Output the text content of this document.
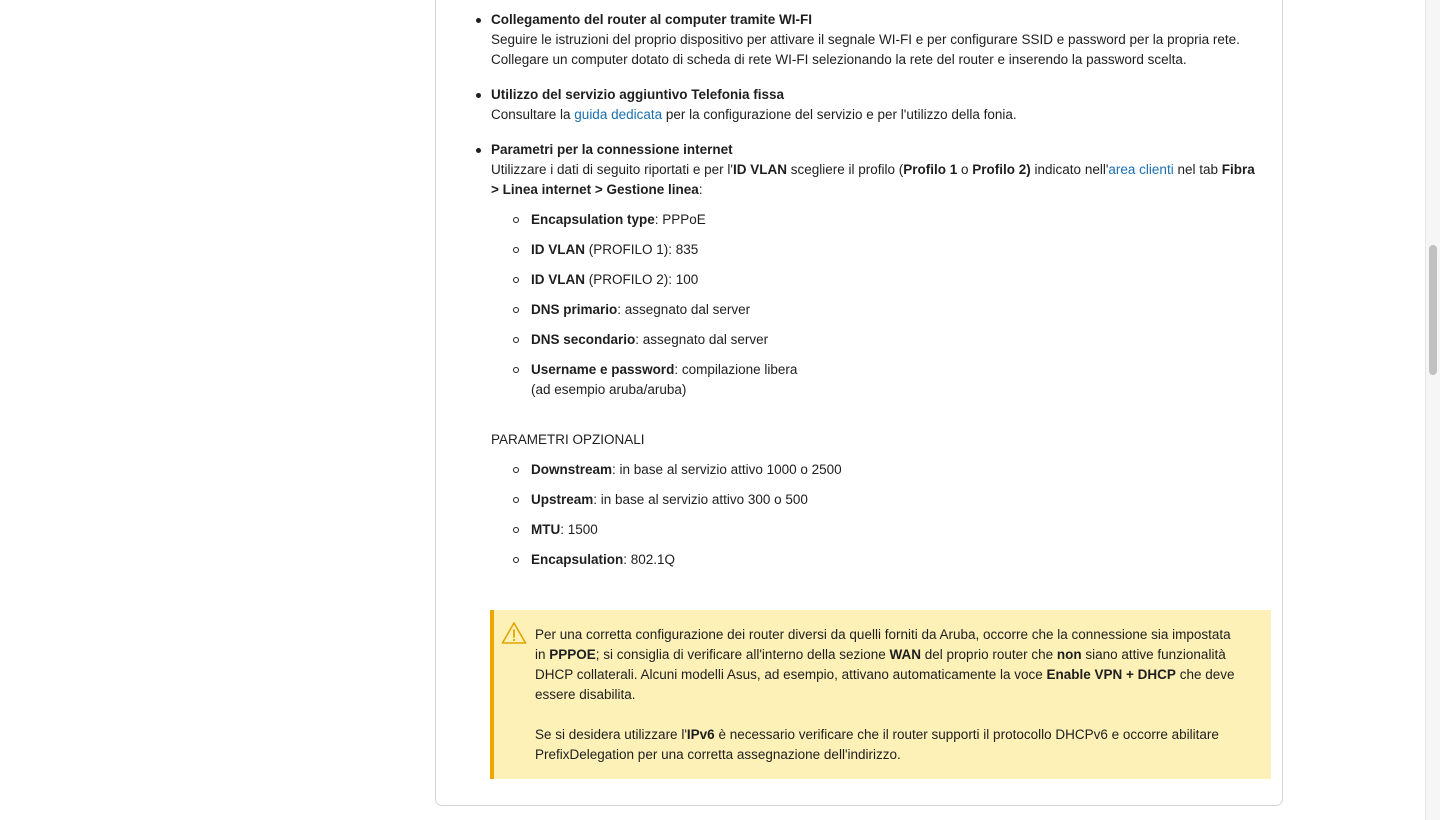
Collegamento del router al computer tramite WI-FI
Seguire le istruzioni del proprio dispositivo per attivare il segnale WI-FI e per configurare SSID e password per la propria rete.
Collegare un computer dotato di scheda di rete WI-FI selezionando la rete del router e inserendo la password scelta.
Utilizzo del servizio aggiuntivo Telefonia fissa
Consultare la guida dedicata per la configurazione del servizio e per l'utilizzo della fonia.
Parametri per la connessione internet
Utilizzare i dati di seguito riportati e per l'ID VLAN scegliere il profilo (Profilo 1 o Profilo 2) indicato nell'area clienti nel tab Fibra
> Linea internet > Gestione linea:
Encapsulation type: PPPoE
ID VLAN (PROFILO 1): 835
ID VLAN (PROFILO 2): 100
DNS primario: assegnato dal server
DNS secondario: assegnato dal server
Username e password: compilazione libera
(ad esempio aruba/aruba)
PARAMETRI OPZIONALI
Downstream: in base al servizio attivo 1000 o 2500
Upstream: in base al servizio attivo 300 o 500
MTU: 1500
Encapsulation: 802.1Q
Per una corretta configurazione dei router diversi da quelli forniti da Aruba, occorre che la connessione sia impostata
in PPPOE; si consiglia di verificare all'interno della sezione WAN del proprio router che non siano attive funzionalità
DHCP collaterali. Alcuni modelli Asus, ad esempio, attivano automaticamente la voce Enable VPN + DHCP che deve
essere disabilita.
Se si desidera utilizzare l'IPv6 è necessario verificare che il router supporti il protocollo DHCPv6 e occorre abilitare
PrefixDelegation per una corretta assegnazione dell'indirizzo.
